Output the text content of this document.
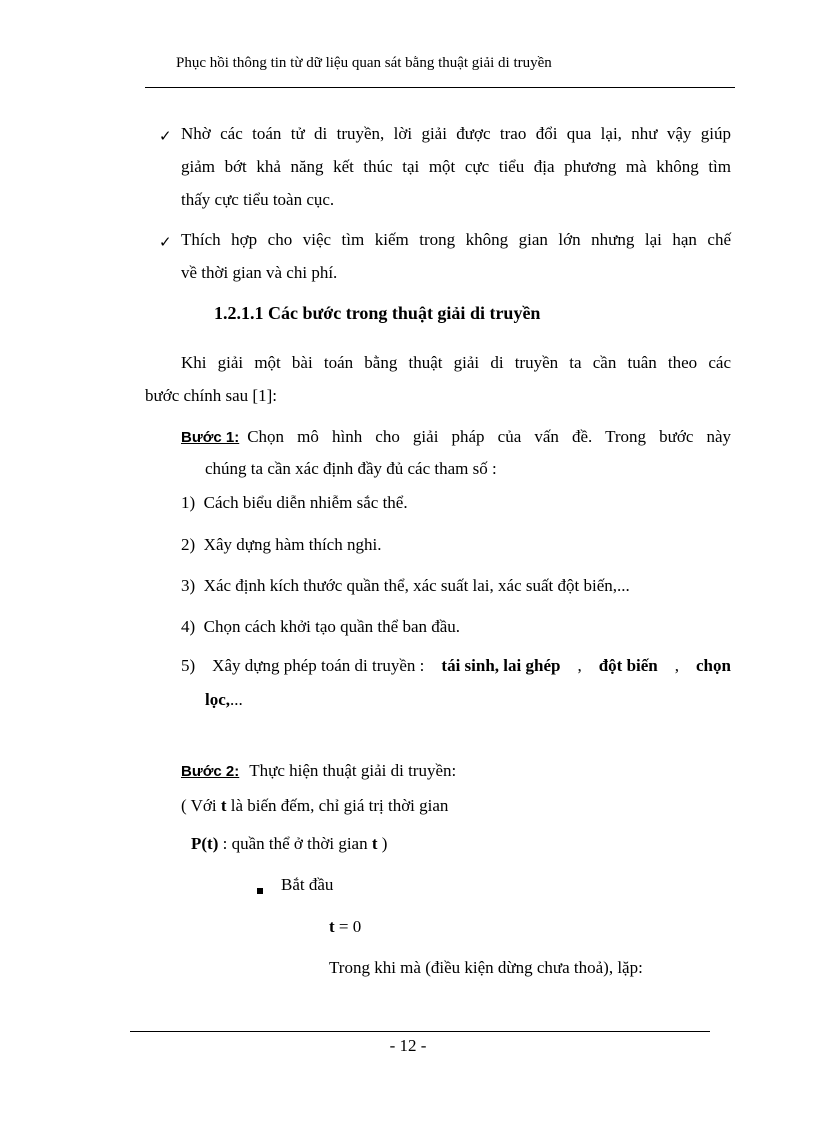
Phục hồi thông tin từ dữ liệu quan sát bằng thuật giải di truyền
✓ Nhờ các toán tử di truyền, lời giải được trao đổi qua lại, như vậy giúp
giảm bớt khả năng kết thúc tại một cực tiểu địa phương mà không tìm
thấy cực tiểu toàn cục.
✓ Thích hợp cho việc tìm kiếm trong không gian lớn nhưng lại hạn chế
về thời gian và chi phí.
1.2.1.1 Các bước trong thuật giải di truyền
Khi giải một bài toán bằng thuật giải di truyền ta cần tuân theo các
bước chính sau [1]:
Bước 1: Chọn mô hình cho giải pháp của vấn đề. Trong bước này
chúng ta cần xác định đầy đủ các tham số :
1) Cách biểu diễn nhiễm sắc thể.
2) Xây dựng hàm thích nghi.
3) Xác định kích thước quần thể, xác suất lai, xác suất đột biến,...
4) Chọn cách khởi tạo quần thể ban đầu.
5) Xây dựng phép toán di truyền : tái sinh, lai ghép , đột biến , chọn
lọc,...
Bước 2: Thực hiện thuật giải di truyền:
( Với t là biến đếm, chỉ giá trị thời gian
P(t) : quần thể ở thời gian t )
Bắt đầu
t = 0
Trong khi mà (điều kiện dừng chưa thoả), lặp:
- 12 -
